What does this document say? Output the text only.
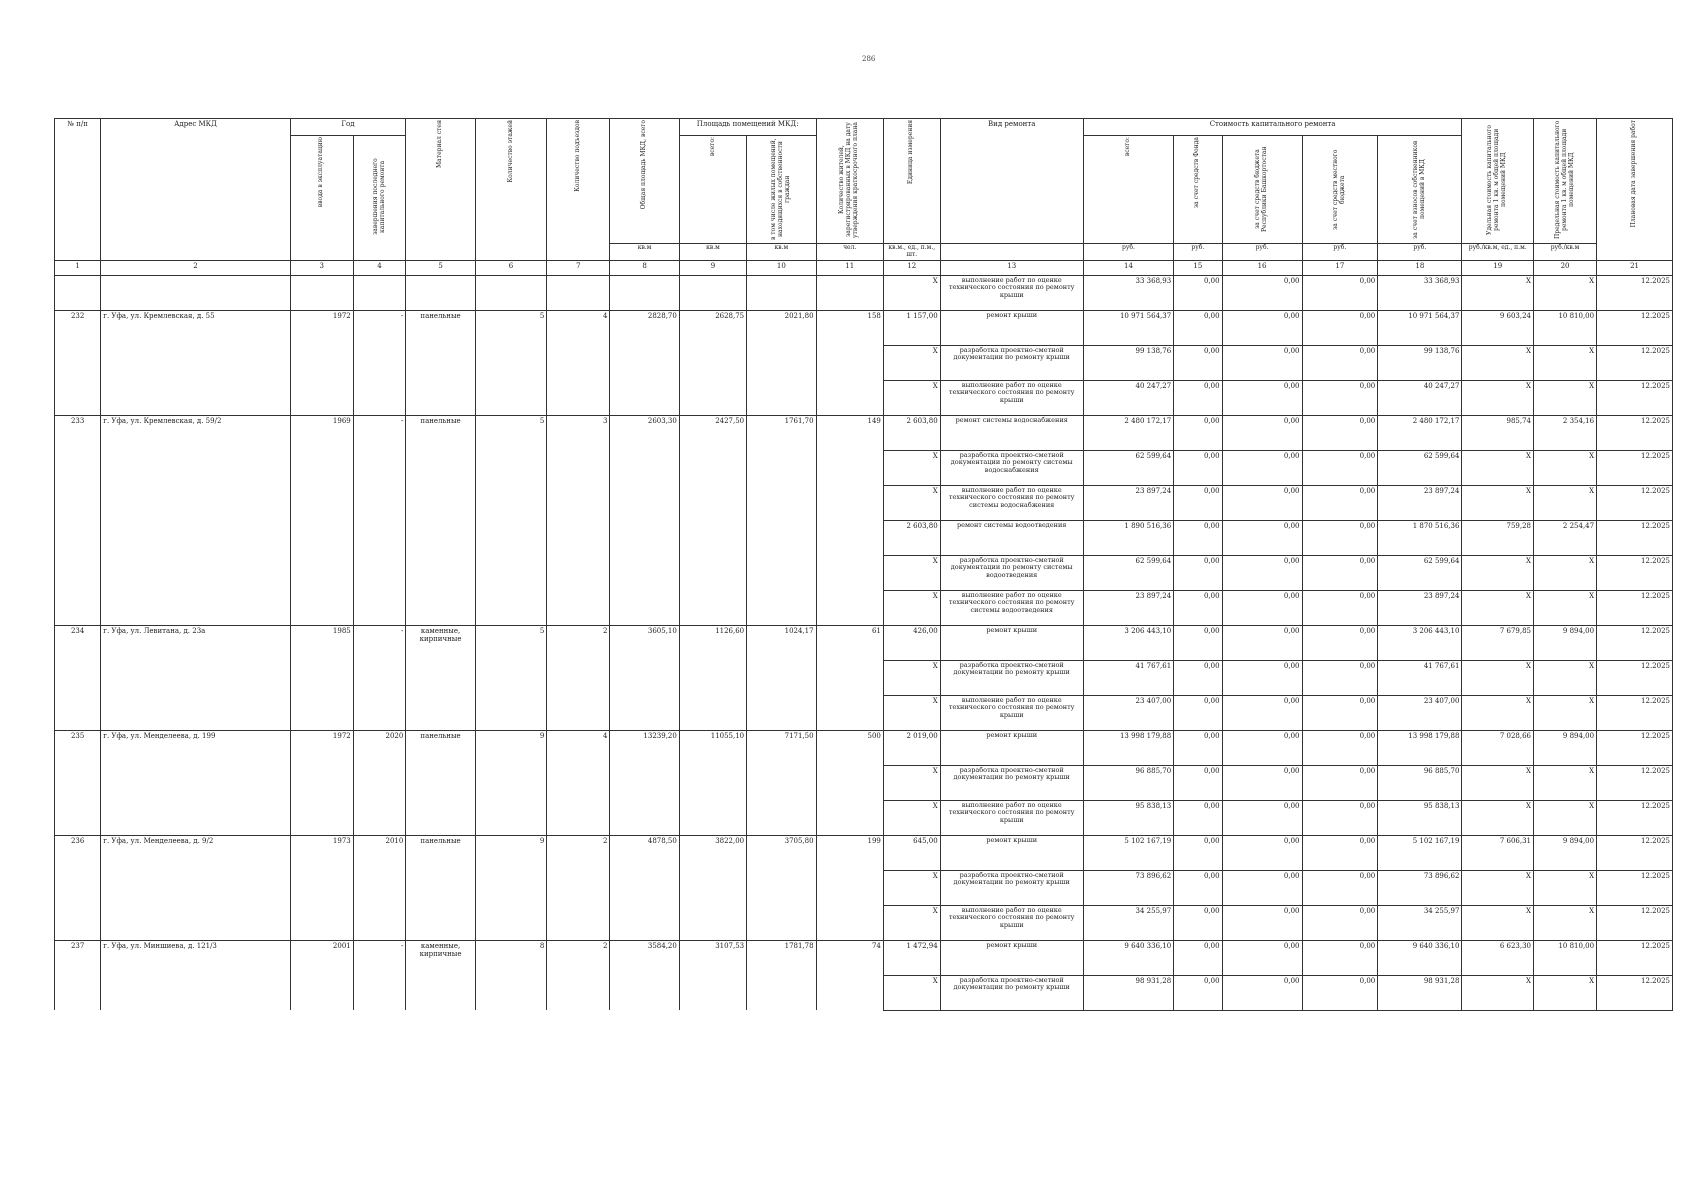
286
№ п/п	Адрес МКД	Год		Материал стен	Количество этажей	Количество подъездов	Общая площадь МКД, всего	Площадь помещений МКД:		Количество жителей, зарегистрированных в МКД на дату утверждения краткосрочного плана	Единица измерения	Вид ремонта	Стоимость капитального ремонта					Удельная стоимость капитального ремонта 1 кв. м общей площади помещений МКД	Предельная стоимость капитального ремонта 1 кв. м общей площади помещений МКД	Плановая дата завершения работ

		ввода в эксплуатацию	завершения последнего капитального ремонта					всего:	в том числе жилых помещений, находящихся в собственности граждан				всего:	за счет средств Фонда	за счет средств бюджета Республики Башкортостан	за счет средств местного бюджета	за счет взносов собственников помещений в МКД			

							кв.м	кв.м	кв.м	чел.	кв.м., ед., п.м., шт.		руб.	руб.	руб.	руб.	руб.	руб./кв.м, ед., п.м.	руб./кв.м	
1	2	3	4	5	6	7	8	9	10	11	12	13	14	15	16	17	18	19	20	21
											X	выполнение работ по оценке технического состояния по ремонту крыши	33 368,93	0,00	0,00	0,00	33 368,93	X	X	12.2025
232	г. Уфа, ул. Кремлевская, д. 55	1972	-	панельные	5	4	2828,70	2628,75	2021,80	158	1 157,00	ремонт крыши	10 971 564,37	0,00	0,00	0,00	10 971 564,37	9 603,24	10 810,00	12.2025
											X	разработка проектно-сметной документации по ремонту крыши	99 138,76	0,00	0,00	0,00	99 138,76	X	X	12.2025
											X	выполнение работ по оценке технического состояния по ремонту крыши	40 247,27	0,00	0,00	0,00	40 247,27	X	X	12.2025
233	г. Уфа, ул. Кремлевская, д. 59/2	1969	-	панельные	5	3	2603,30	2427,50	1761,70	149	2 603,80	ремонт системы водоснабжения	2 480 172,17	0,00	0,00	0,00	2 480 172,17	985,74	2 354,16	12.2025
											X	разработка проектно-сметной документации по ремонту системы водоснабжения	62 599,64	0,00	0,00	0,00	62 599,64	X	X	12.2025
											X	выполнение работ по оценке технического состояния по ремонту системы водоснабжения	23 897,24	0,00	0,00	0,00	23 897,24	X	X	12.2025
											2 603,80	ремонт системы водоотведения	1 890 516,36	0,00	0,00	0,00	1 870 516,36	759,28	2 254,47	12.2025
											X	разработка проектно-сметной документации по ремонту системы водоотведения	62 599,64	0,00	0,00	0,00	62 599,64	X	X	12.2025
											X	выполнение работ по оценке технического состояния по ремонту системы водоотведения	23 897,24	0,00	0,00	0,00	23 897,24	X	X	12.2025
234	г. Уфа, ул. Левитана, д. 23а	1985	-	каменные, кирпичные	5	2	3605,10	1126,60	1024,17	61	426,00	ремонт крыши	3 206 443,10	0,00	0,00	0,00	3 206 443,10	7 679,85	9 894,00	12.2025
											X	разработка проектно-сметной документации по ремонту крыши	41 767,61	0,00	0,00	0,00	41 767,61	X	X	12.2025
											X	выполнение работ по оценке технического состояния по ремонту крыши	23 407,00	0,00	0,00	0,00	23 407,00	X	X	12.2025
235	г. Уфа, ул. Менделеева, д. 199	1972	2020	панельные	9	4	13239,20	11055,10	7171,50	500	2 019,00	ремонт крыши	13 998 179,88	0,00	0,00	0,00	13 998 179,88	7 028,66	9 894,00	12.2025
											X	разработка проектно-сметной документации по ремонту крыши	96 885,70	0,00	0,00	0,00	96 885,70	X	X	12.2025
											X	выполнение работ по оценке технического состояния по ремонту крыши	95 838,13	0,00	0,00	0,00	95 838,13	X	X	12.2025
236	г. Уфа, ул. Менделеева, д. 9/2	1973	2010	панельные	9	2	4878,50	3822,00	3705,80	199	645,00	ремонт крыши	5 102 167,19	0,00	0,00	0,00	5 102 167,19	7 606,31	9 894,00	12.2025
											X	разработка проектно-сметной документации по ремонту крыши	73 896,62	0,00	0,00	0,00	73 896,62	X	X	12.2025
											X	выполнение работ по оценке технического состояния по ремонту крыши	34 255,97	0,00	0,00	0,00	34 255,97	X	X	12.2025
237	г. Уфа, ул. Миншиева, д. 121/3	2001	-	каменные, кирпичные	8	2	3584,20	3107,53	1781,78	74	1 472,94	ремонт крыши	9 640 336,10	0,00	0,00	0,00	9 640 336,10	6 623,30	10 810,00	12.2025
											X	разработка проектно-сметной документации по ремонту крыши	98 931,28	0,00	0,00	0,00	98 931,28	X	X	12.2025
